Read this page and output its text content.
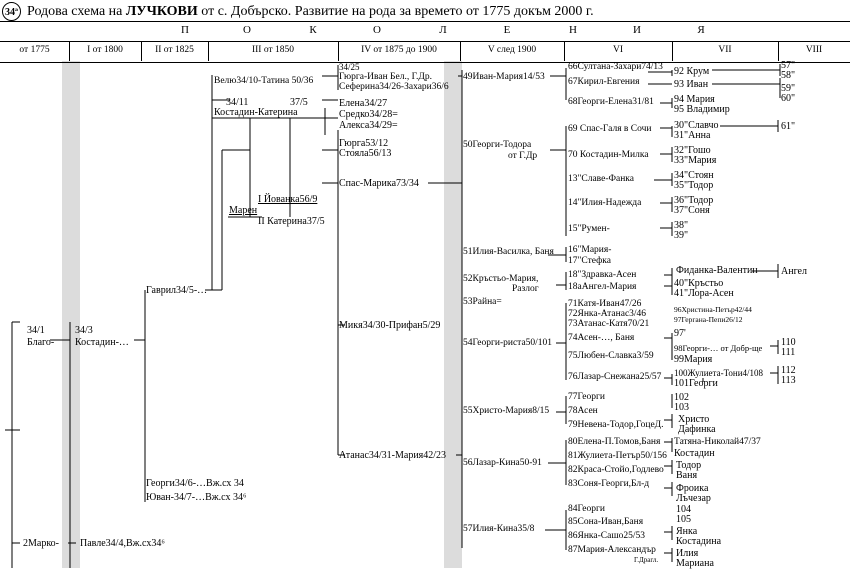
34ª Родова схема на ЛУЧКОВИ от с. Добърско. Развитие на рода за времето от 1775 докъм 2000 г.
П	О	К	О	Л	Е	Н	И	Я
от 1775	I от 1800	II от 1825	III от 1850	IV от 1875 до 1900	V след 1900	VI	VII	VIII
34/1
Благо-
2Марко-
34/3
Костадин-…
Павле34/4,Вж.сх34⁶
Гаврил34/5-…
Георги34/6-…Вж.сх 34
Юван-34/7-…Вж.сх 34⁶
Велю34/10-Татина 50/36
34/11	37/5
Костадин-Катерина
Марен
I Йованка56/9
II Катерина37/5
34/25
Гюрга-Иван Бел., Г.Др.
Сеферина34/26-Захари36/6
Елена34/27
Средко34/28=
Алекса34/29=
Гюрга53/12
Стояла56/13
Спас-Марика73/34
Микя34/30-Прифан5/29
Атанас34/31-Мария42/23
49Иван-Мария14/53
50Георги-Тодора
от Г.Др
51Илия-Василка, Баня
52Кръстьо-Мария,
Разлог
53Райна=
54Георги-риста50/101
55Христо-Мария8/15
56Лазар-Кина50-91
57Илия-Кина35/8
66Султана-Захари74/13
67Кирил-Евгения
68Георги-Елена31/81
69 Спас-Галя в Сочи
70 Костадин-Милка
13"Славе-Фанка
14"Илия-Надежда
15"Румен-
16"Мария-
17"Стефка
18"Здравка-Асен
18аАнгел-Мария
71Катя-Иван47/26
72Янка-Атанас3/46
73Атанас-Катя70/21
74Асен-…, Баня
75Любен-Славка3/59
76Лазар-Снежана25/57
77Георги
78Асен
79Невена-Тодор,ГоцеД.
80Елена-П.Томов,Баня
81Жулиета-Петър50/156
82Краса-Стойо,Годлево
83Соня-Георги,Бл-д
84Георги
85Сона-Иван,Баня
86Янка-Сашо25/53
87Мария-Александър
Г.Драгл.
92 Крум
93 Иван
94 Мария
95 Владимир
30"Славчо
31"Анна
32"Гошо
33"Мария
34"Стоян
35"Тодор
36"Тодор
37"Соня
38"
39"
Фиданка-Валентин
40"Кръстьо
41"Лора-Асен
96Христина-Петър42/44
97Гергана-Пепи26/12
97'
98Георги-… от Добр-ще
99Мария
100Жулиета-Тони4/108
101Георги
102
103
Христо
Дафинка
Татяна-Николай47/37
Костадин
Тодор
Ваня
Фроика
Лъчезар
104
105
Янка
Костадина
Илия
Мариана
57"
58"
59"
60"
61"
Ангел
110
111
112
113
